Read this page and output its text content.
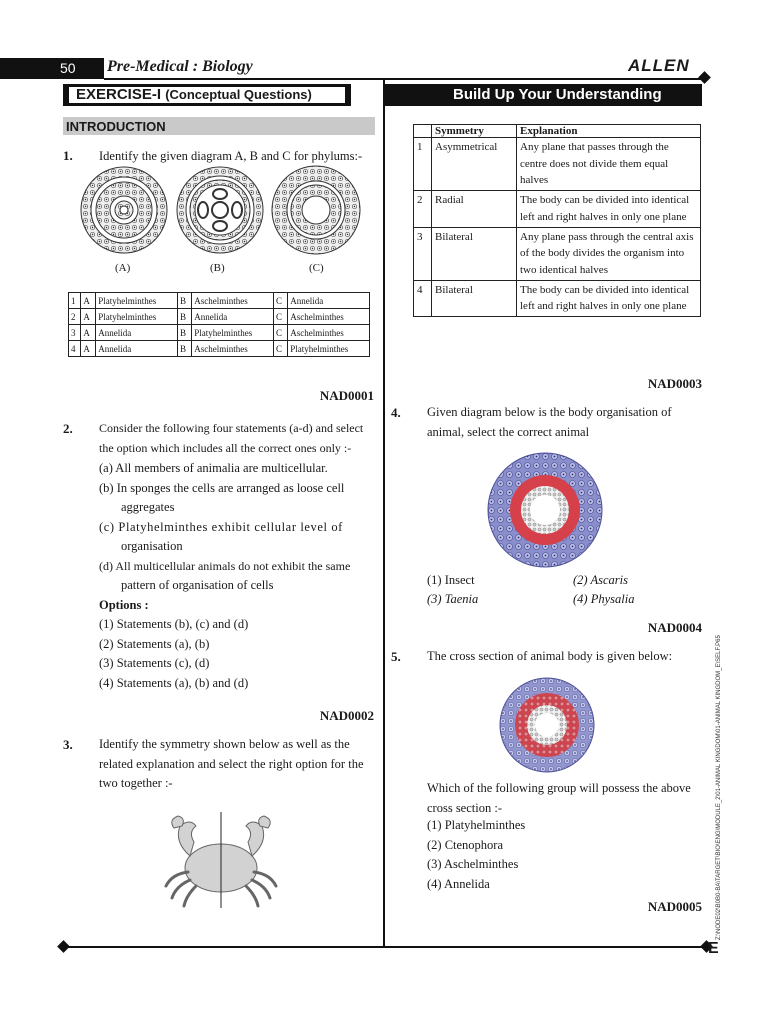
50 Pre-Medical : Biology	ALLEN
EXERCISE-I (Conceptual Questions)	Build Up Your Understanding
INTRODUCTION
1. Identify the given diagram A, B and C for phylums:-
(A)	(B)	(C)
1	A	Platyhelminthes	B	Aschelminthes	C	Annelida
2	A	Platyhelminthes	B	Annelida	C	Aschelminthes
3	A	Annelida	B	Platyhelminthes	C	Aschelminthes
4	A	Annelida	B	Aschelminthes	C	Platyhelminthes
NAD0001
2. Consider the following four statements (a-d) and select the option which includes all the correct ones only :-
(a) All members of animalia are multicellular.
(b) In sponges the cells are arranged as loose cell
aggregates
(c) Platyhelminthes exhibit cellular level of
organisation
(d) All multicellular animals do not exhibit the same
pattern of organisation of cells
Options :
(1) Statements (b), (c) and (d)
(2) Statements (a), (b)
(3) Statements (c), (d)
(4) Statements (a), (b) and (d)
NAD0002
3. Identify the symmetry shown below as well as the related explanation and select the right option for the two together :-
	Symmetry	Explanation
1	Asymmetrical	Any plane that passes through the centre does not divide them equal halves
2	Radial	The body can be divided into identical left and right halves in only one plane
3	Bilateral	Any plane pass through the central axis of the body divides the organism into two identical halves
4	Bilateral	The body can be divided into identical left and right halves in only one plane
NAD0003
4. Given diagram below is the body organisation of animal, select the correct animal
(1) Insect	(2) Ascaris
(3) Taenia	(4) Physalia
NAD0004
5. The cross section of animal body is given below:
Which of the following group will possess the above cross section :-
(1) Platyhelminthes
(2) Ctenophora
(3) Aschelminthes
(4) Annelida
NAD0005
E
Z:\NODE02\B0B0-BA\TARGET\BIO\ENG\MODULE_2\01-ANIMAL KINGDOM\01-ANIMAL KINGDOM_E\SELF.P65
